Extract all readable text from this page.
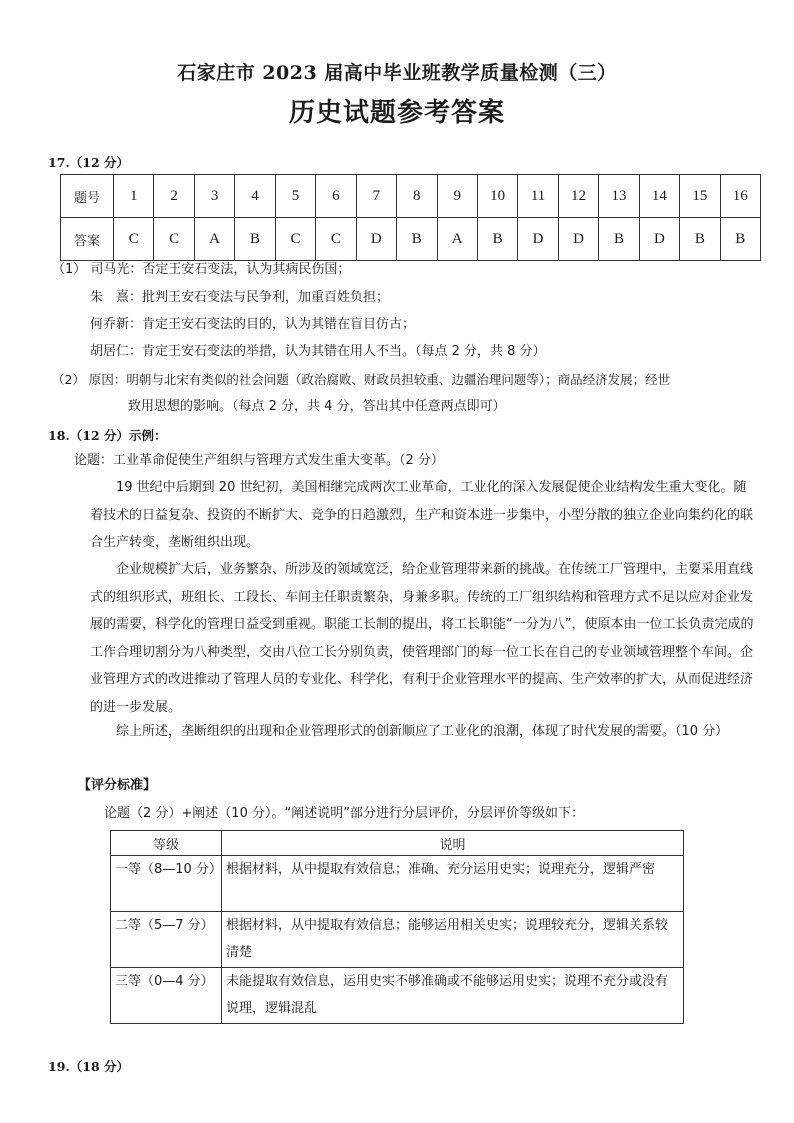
石家庄市 2023 届高中毕业班教学质量检测（三）
历史试题参考答案
17.（12 分）
题号	1	2	3	4	5	6	7	8	9	10	11	12	13	14	15	16
答案	C	C	A	B	C	C	D	B	A	B	D	D	B	D	B	B
（1） 司马光：否定王安石变法，认为其病民伤国；
朱　熹：批判王安石变法与民争利，加重百姓负担；
何乔新：肯定王安石变法的目的，认为其错在盲目仿古；
胡居仁：肯定王安石变法的举措，认为其错在用人不当。（每点 2 分，共 8 分）
（2） 原因：明朝与北宋有类似的社会问题（政治腐败、财政员担较重、边疆治理问题等）；商品经济发展；经世
致用思想的影响。（每点 2 分，共 4 分，答出其中任意两点即可）
18.（12 分）示例：
论题：工业革命促使生产组织与管理方式发生重大变革。（2 分）
19 世纪中后期到 20 世纪初，美国相继完成两次工业革命，工业化的深入发展促使企业结构发生重大变化。随着技术的日益复杂、投资的不断扩大、竞争的日趋激烈，生产和资本进一步集中，小型分散的独立企业向集约化的联合生产转变，垄断组织出现。
企业规模扩大后，业务繁杂、所涉及的领域宽泛，给企业管理带来新的挑战。在传统工厂管理中，主要采用直线式的组织形式，班组长、工段长、车间主任职责繁杂，身兼多职。传统的工厂组织结构和管理方式不足以应对企业发展的需要，科学化的管理日益受到重视。职能工长制的提出，将工长职能“一分为八”，使原本由一位工长负责完成的工作合理切割分为八种类型，交由八位工长分别负责，使管理部门的每一位工长在自己的专业领域管理整个车间。企业管理方式的改进推动了管理人员的专业化、科学化，有利于企业管理水平的提高、生产效率的扩大，从而促进经济的进一步发展。
综上所述，垄断组织的出现和企业管理形式的创新顺应了工业化的浪潮，体现了时代发展的需要。（10 分）
【评分标准】
论题（2 分）+阐述（10 分）。“阐述说明”部分进行分层评价，分层评价等级如下：
等级	说明
一等（8—10 分）	根据材料，从中提取有效信息；准确、充分运用史实；说理充分，逻辑严密
二等（5—7 分）	根据材料，从中提取有效信息；能够运用相关史实；说理较充分，逻辑关系较清楚
三等（0—4 分）	未能提取有效信息，运用史实不够准确或不能够运用史实；说理不充分或没有说理，逻辑混乱
19.（18 分）
